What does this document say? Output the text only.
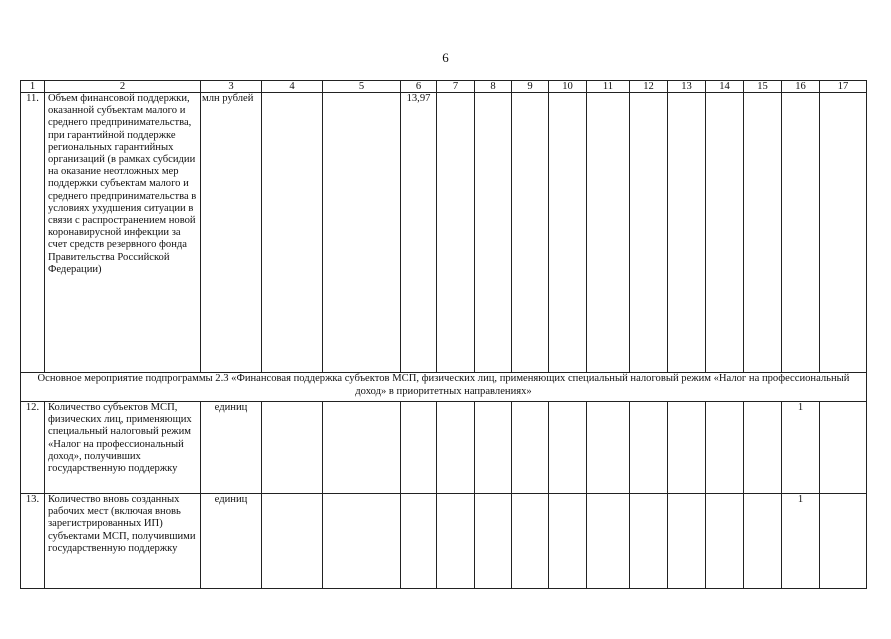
6
1	2	3	4	5	6	7	8	9	10	11	12	13	14	15	16	17
11.	Объем финансовой поддержки, оказанной субъектам малого и среднего предпринимательства, при гарантийной поддержке региональных гарантийных организаций (в рамках субсидии на оказание неотложных мер поддержки субъектам малого и среднего предпринимательства в условиях ухудшения ситуации в связи с распространением новой коронавирусной инфекции за счет средств резервного фонда Правительства Российской Федерации)	млн рублей			13,97											
Основное мероприятие подпрограммы 2.3 «Финансовая поддержка субъектов МСП, физических лиц, применяющих специальный налоговый режим «Налог на профессиональный доход» в приоритетных направлениях»																
12.	Количество субъектов МСП, физических лиц, применяющих специальный налоговый режим «Налог на профессиональный доход», получивших государственную поддержку	единиц													1	
13.	Количество вновь созданных рабочих мест (включая вновь зарегистрированных ИП) субъектами МСП, получившими государственную поддержку	единиц													1	
